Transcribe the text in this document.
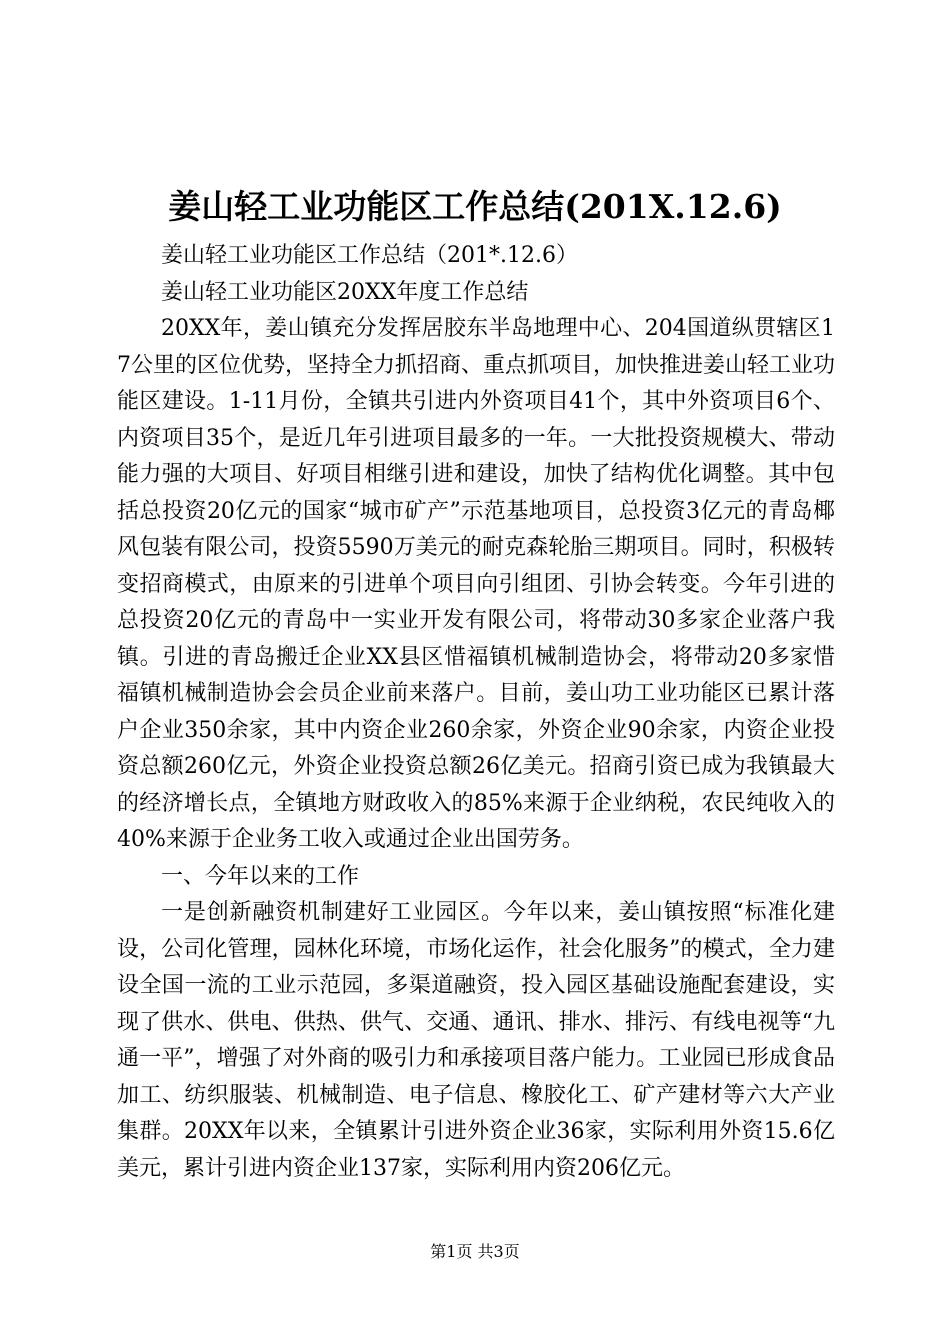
姜山轻工业功能区工作总结(201X.12.6)

姜山轻工业功能区工作总结（201*.12.6）

姜山轻工业功能区20XX年度工作总结

20XX年，姜山镇充分发挥居胶东半岛地理中心、204国道纵贯辖区17公里的区位优势，坚持全力抓招商、重点抓项目，加快推进姜山轻工业功能区建设。1-11月份，全镇共引进内外资项目41个，其中外资项目6个、内资项目35个，是近几年引进项目最多的一年。一大批投资规模大、带动能力强的大项目、好项目相继引进和建设，加快了结构优化调整。其中包括总投资20亿元的国家“城市矿产”示范基地项目，总投资3亿元的青岛椰风包装有限公司，投资5590万美元的耐克森轮胎三期项目。同时，积极转变招商模式，由原来的引进单个项目向引组团、引协会转变。今年引进的总投资20亿元的青岛中一实业开发有限公司，将带动30多家企业落户我镇。引进的青岛搬迁企业XX县区惜福镇机械制造协会，将带动20多家惜福镇机械制造协会会员企业前来落户。目前，姜山功工业功能区已累计落户企业350余家，其中内资企业260余家，外资企业90余家，内资企业投资总额260亿元，外资企业投资总额26亿美元。招商引资已成为我镇最大的经济增长点，全镇地方财政收入的85%来源于企业纳税，农民纯收入的40%来源于企业务工收入或通过企业出国劳务。

一、今年以来的工作

一是创新融资机制建好工业园区。今年以来，姜山镇按照“标准化建设，公司化管理，园林化环境，市场化运作，社会化服务”的模式，全力建设全国一流的工业示范园，多渠道融资，投入园区基础设施配套建设，实现了供水、供电、供热、供气、交通、通讯、排水、排污、有线电视等“九通一平”，增强了对外商的吸引力和承接项目落户能力。工业园已形成食品加工、纺织服装、机械制造、电子信息、橡胶化工、矿产建材等六大产业集群。20XX年以来，全镇累计引进外资企业36家，实际利用外资15.6亿美元，累计引进内资企业137家，实际利用内资206亿元。

第1页 共3页
